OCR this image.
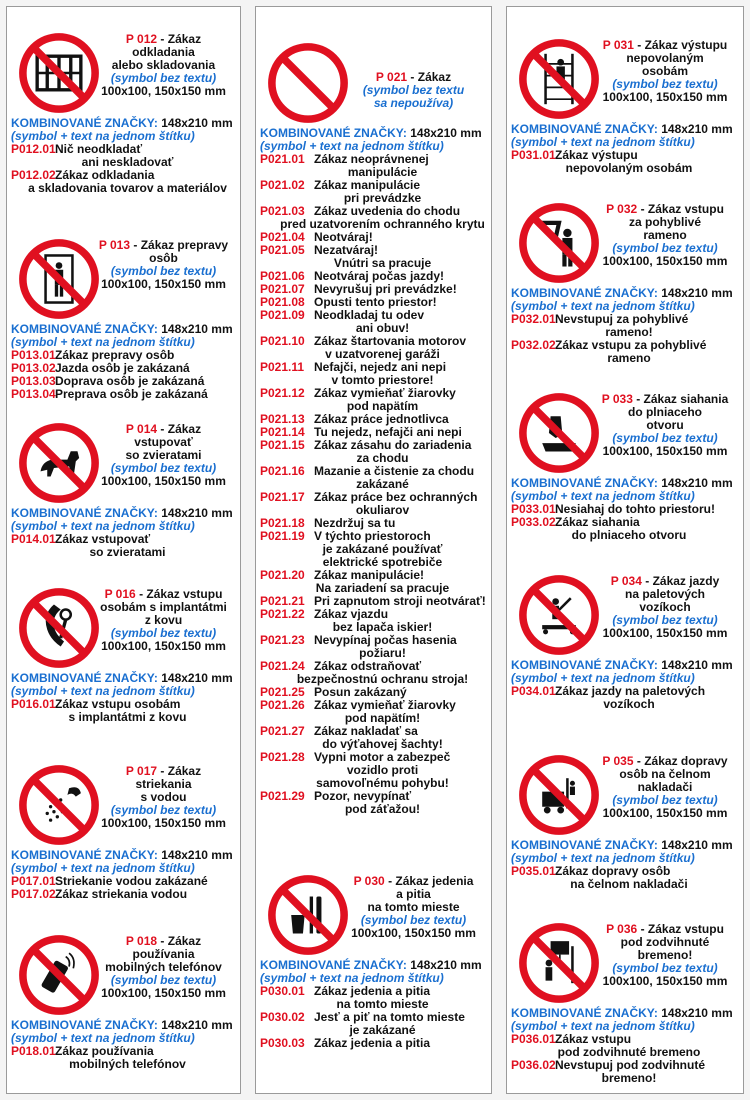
P 012 - Zákaz
odkladania
alebo skladovania
(symbol bez textu)
100x100, 150x150 mm
KOMBINOVANÉ ZNAČKY: 148x210 mm
(symbol + text na jednom štítku)
P012.01 Nič neodkladať
ani neskladovať
P012.02 Zákaz odkladania
a skladovania tovarov a materiálov
P 013 - Zákaz prepravy
osôb
(symbol bez textu)
100x100, 150x150 mm
KOMBINOVANÉ ZNAČKY: 148x210 mm
(symbol + text na jednom štítku)
P013.01 Zákaz prepravy osôb
P013.02 Jazda osôb je zakázaná
P013.03 Doprava osôb je zakázaná
P013.04 Preprava osôb je zakázaná
P 014 - Zákaz
vstupovať
so zvieratami
(symbol bez textu)
100x100, 150x150 mm
KOMBINOVANÉ ZNAČKY: 148x210 mm
(symbol + text na jednom štítku)
P014.01 Zákaz vstupovať
so zvieratami
P 016 - Zákaz vstupu
osobám s implantátmi
z kovu
(symbol bez textu)
100x100, 150x150 mm
KOMBINOVANÉ ZNAČKY: 148x210 mm
(symbol + text na jednom štítku)
P016.01 Zákaz vstupu osobám
s implantátmi z kovu
P 017 - Zákaz
striekania
s vodou
(symbol bez textu)
100x100, 150x150 mm
KOMBINOVANÉ ZNAČKY: 148x210 mm
(symbol + text na jednom štítku)
P017.01 Striekanie vodou zakázané
P017.02 Zákaz striekania vodou
P 018 - Zákaz
používania
mobilných telefónov
(symbol bez textu)
100x100, 150x150 mm
KOMBINOVANÉ ZNAČKY: 148x210 mm
(symbol + text na jednom štítku)
P018.01 Zákaz používania
mobilných telefónov
P 021 - Zákaz
(symbol bez textu
sa nepoužíva)
KOMBINOVANÉ ZNAČKY: 148x210 mm
(symbol + text na jednom štítku)
P021.01 Zákaz neoprávnenej
manipulácie
P021.02 Zákaz manipulácie
pri prevádzke
P021.03 Zákaz uvedenia do chodu
pred uzatvorením ochranného krytu
P021.04 Neotváraj!
P021.05 Nezatváraj!
Vnútri sa pracuje
P021.06 Neotváraj počas jazdy!
P021.07 Nevyrušuj pri prevádzke!
P021.08 Opusti tento priestor!
P021.09 Neodkladaj tu odev
ani obuv!
P021.10 Zákaz štartovania motorov
v uzatvorenej garáži
P021.11 Nefajči, nejedz ani nepi
v tomto priestore!
P021.12 Zákaz vymieňať žiarovky
pod napätím
P021.13 Zákaz práce jednotlivca
P021.14 Tu nejedz, nefajči ani nepi
P021.15 Zákaz zásahu do zariadenia
za chodu
P021.16 Mazanie a čistenie za chodu
zakázané
P021.17 Zákaz práce bez ochranných
okuliarov
P021.18 Nezdržuj sa tu
P021.19 V týchto priestoroch
je zakázané používať
elektrické spotrebiče
P021.20 Zákaz manipulácie!
Na zariadení sa pracuje
P021.21 Pri zapnutom stroji neotvárať!
P021.22 Zákaz vjazdu
bez lapača iskier!
P021.23 Nevypínaj počas hasenia
požiaru!
P021.24 Zákaz odstraňovať
bezpečnostnú ochranu stroja!
P021.25 Posun zakázaný
P021.26 Zákaz vymieňať žiarovky
pod napätím!
P021.27 Zákaz nakladať sa
do výťahovej šachty!
P021.28 Vypni motor a zabezpeč
vozidlo proti
samovoľnému pohybu!
P021.29 Pozor, nevypínať
pod záťažou!
P 030 - Zákaz jedenia
a pitia
na tomto mieste
(symbol bez textu)
100x100, 150x150 mm
KOMBINOVANÉ ZNAČKY: 148x210 mm
(symbol + text na jednom štítku)
P030.01 Zákaz jedenia a pitia
na tomto mieste
P030.02 Jesť a piť na tomto mieste
je zakázané
P030.03 Zákaz jedenia a pitia
P 031 - Zákaz výstupu
nepovolaným
osobám
(symbol bez textu)
100x100, 150x150 mm
KOMBINOVANÉ ZNAČKY: 148x210 mm
(symbol + text na jednom štítku)
P031.01 Zákaz výstupu
nepovolaným osobám
P 032 - Zákaz vstupu
za pohyblivé
rameno
(symbol bez textu)
100x100, 150x150 mm
KOMBINOVANÉ ZNAČKY: 148x210 mm
(symbol + text na jednom štítku)
P032.01 Nevstupuj za pohyblivé
rameno!
P032.02 Zákaz vstupu za pohyblivé
rameno
P 033 - Zákaz siahania
do plniaceho
otvoru
(symbol bez textu)
100x100, 150x150 mm
KOMBINOVANÉ ZNAČKY: 148x210 mm
(symbol + text na jednom štítku)
P033.01 Nesiahaj do tohto priestoru!
P033.02 Zákaz siahania
do plniaceho otvoru
P 034 - Zákaz jazdy
na paletových
vozíkoch
(symbol bez textu)
100x100, 150x150 mm
KOMBINOVANÉ ZNAČKY: 148x210 mm
(symbol + text na jednom štítku)
P034.01 Zákaz jazdy na paletových
vozíkoch
P 035 - Zákaz dopravy
osôb na čelnom
nakladači
(symbol bez textu)
100x100, 150x150 mm
KOMBINOVANÉ ZNAČKY: 148x210 mm
(symbol + text na jednom štítku)
P035.01 Zákaz dopravy osôb
na čelnom nakladači
P 036 - Zákaz vstupu
pod zodvihnuté
bremeno!
(symbol bez textu)
100x100, 150x150 mm
KOMBINOVANÉ ZNAČKY: 148x210 mm
(symbol + text na jednom štítku)
P036.01 Zákaz vstupu
pod zodvihnuté bremeno
P036.02 Nevstupuj pod zodvihnuté
bremeno!
